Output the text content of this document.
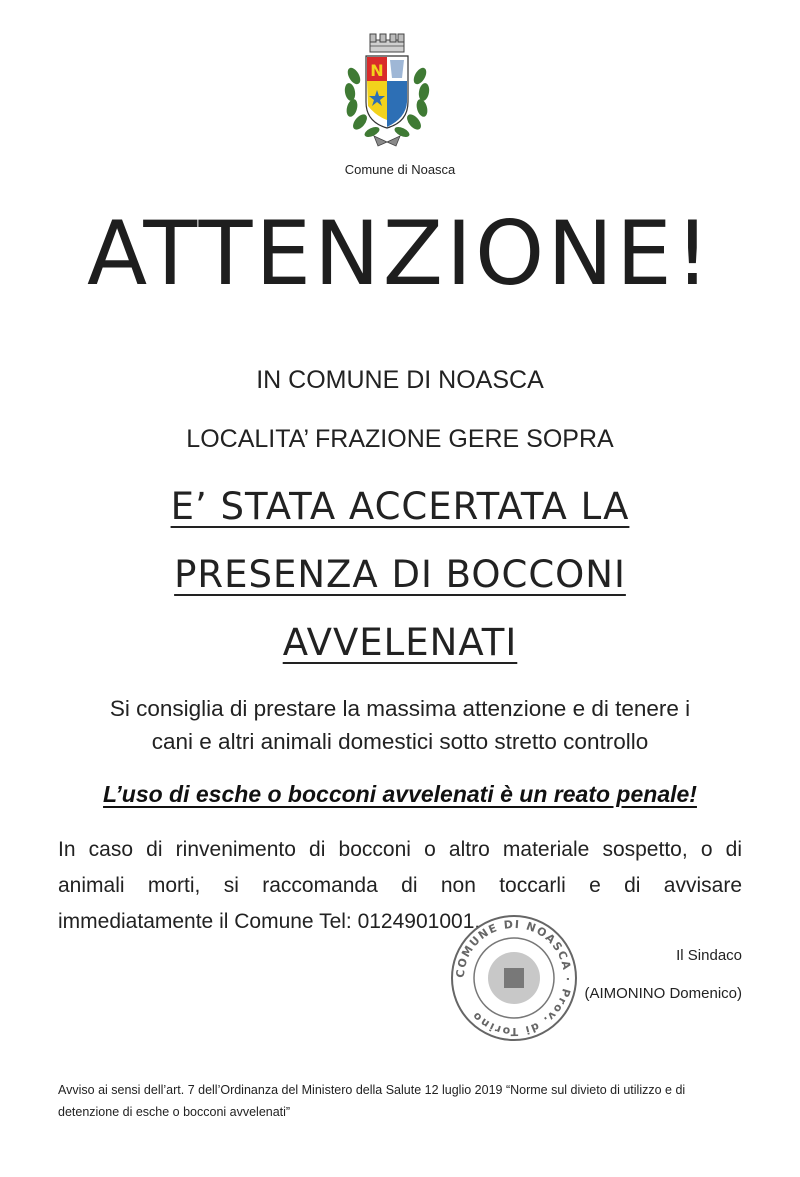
N
Comune di Noasca
ATTENZIONE!
IN COMUNE DI NOASCA
LOCALITA’ FRAZIONE GERE SOPRA
E’ STATA ACCERTATA LA
PRESENZA DI BOCCONI
AVVELENATI
Si consiglia di prestare la massima attenzione e di tenere i
cani e altri animali domestici sotto stretto controllo
L’uso di esche o bocconi avvelenati è un reato penale!
In caso di rinvenimento di bocconi o altro materiale sospetto, o di
animali morti, si raccomanda di non toccarli e di avvisare
immediatamente il Comune Tel: 0124901001.
COMUNE DI NOASCA · Prov. di Torino
Il Sindaco
(AIMONINO Domenico)
Avviso ai sensi dell’art. 7 dell’Ordinanza del Ministero della Salute 12 luglio 2019 “Norme sul divieto di utilizzo e di detenzione di esche o bocconi avvelenati”
